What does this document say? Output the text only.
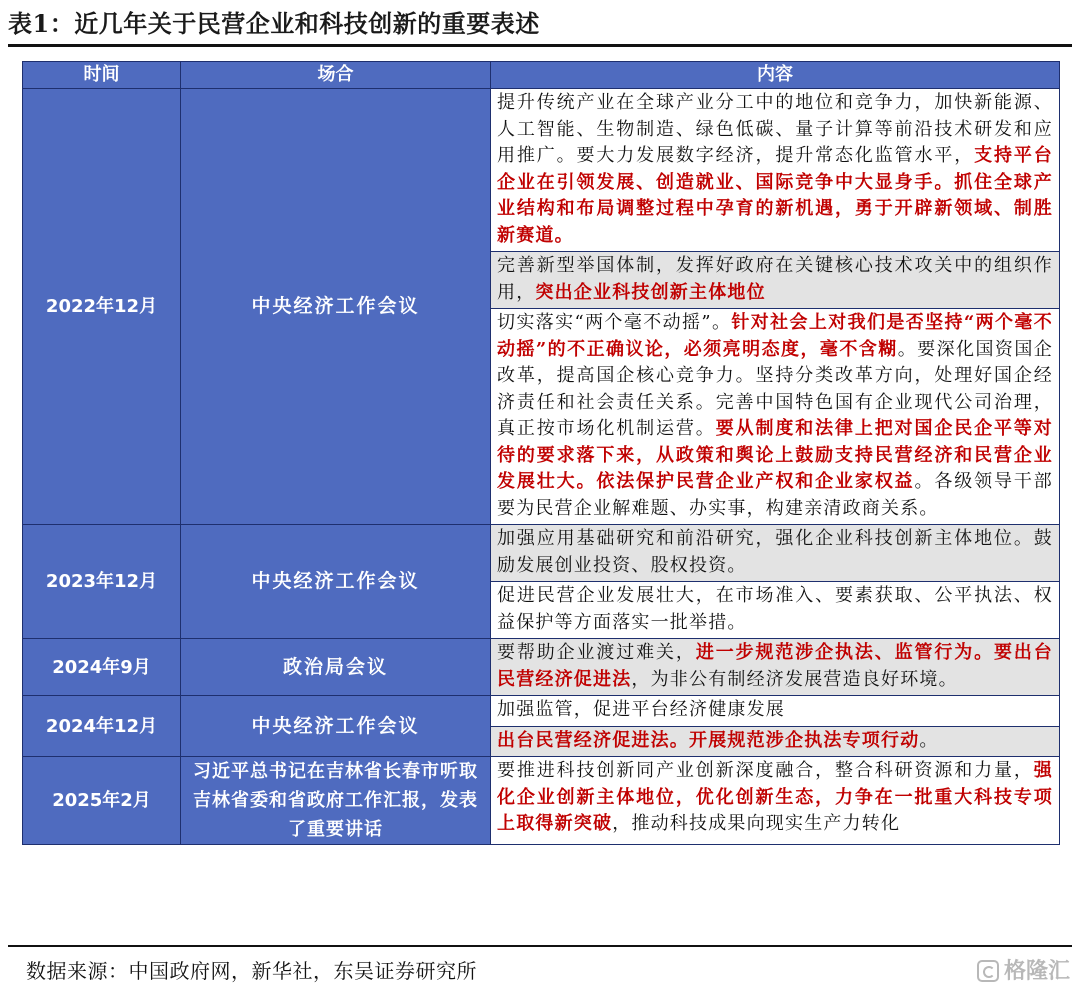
表1：近几年关于民营企业和科技创新的重要表述
时间	场合	内容
2022年12月	中央经济工作会议	提升传统产业在全球产业分工中的地位和竞争力，加快新能源、人工智能、生物制造、绿色低碳、量子计算等前沿技术研发和应用推广。要大力发展数字经济，提升常态化监管水平，支持平台企业在引领发展、创造就业、国际竞争中大显身手。抓住全球产业结构和布局调整过程中孕育的新机遇，勇于开辟新领域、制胜新赛道。
		完善新型举国体制，发挥好政府在关键核心技术攻关中的组织作用，突出企业科技创新主体地位
		切实落实“两个毫不动摇”。针对社会上对我们是否坚持“两个毫不动摇”的不正确议论，必须亮明态度，毫不含糊。要深化国资国企改革，提高国企核心竞争力。坚持分类改革方向，处理好国企经济责任和社会责任关系。完善中国特色国有企业现代公司治理，真正按市场化机制运营。要从制度和法律上把对国企民企平等对待的要求落下来，从政策和舆论上鼓励支持民营经济和民营企业发展壮大。依法保护民营企业产权和企业家权益。各级领导干部要为民营企业解难题、办实事，构建亲清政商关系。
2023年12月	中央经济工作会议	加强应用基础研究和前沿研究，强化企业科技创新主体地位。鼓励发展创业投资、股权投资。
		促进民营企业发展壮大，在市场准入、要素获取、公平执法、权益保护等方面落实一批举措。
2024年9月	政治局会议	要帮助企业渡过难关，进一步规范涉企执法、监管行为。要出台民营经济促进法，为非公有制经济发展营造良好环境。
2024年12月	中央经济工作会议	加强监管，促进平台经济健康发展
		出台民营经济促进法。开展规范涉企执法专项行动。
2025年2月	习近平总书记在吉林省长春市听取吉林省委和省政府工作汇报，发表了重要讲话	要推进科技创新同产业创新深度融合，整合科研资源和力量，强化企业创新主体地位，优化创新生态，力争在一批重大科技专项上取得新突破，推动科技成果向现实生产力转化
数据来源：中国政府网，新华社，东吴证券研究所	格隆汇
